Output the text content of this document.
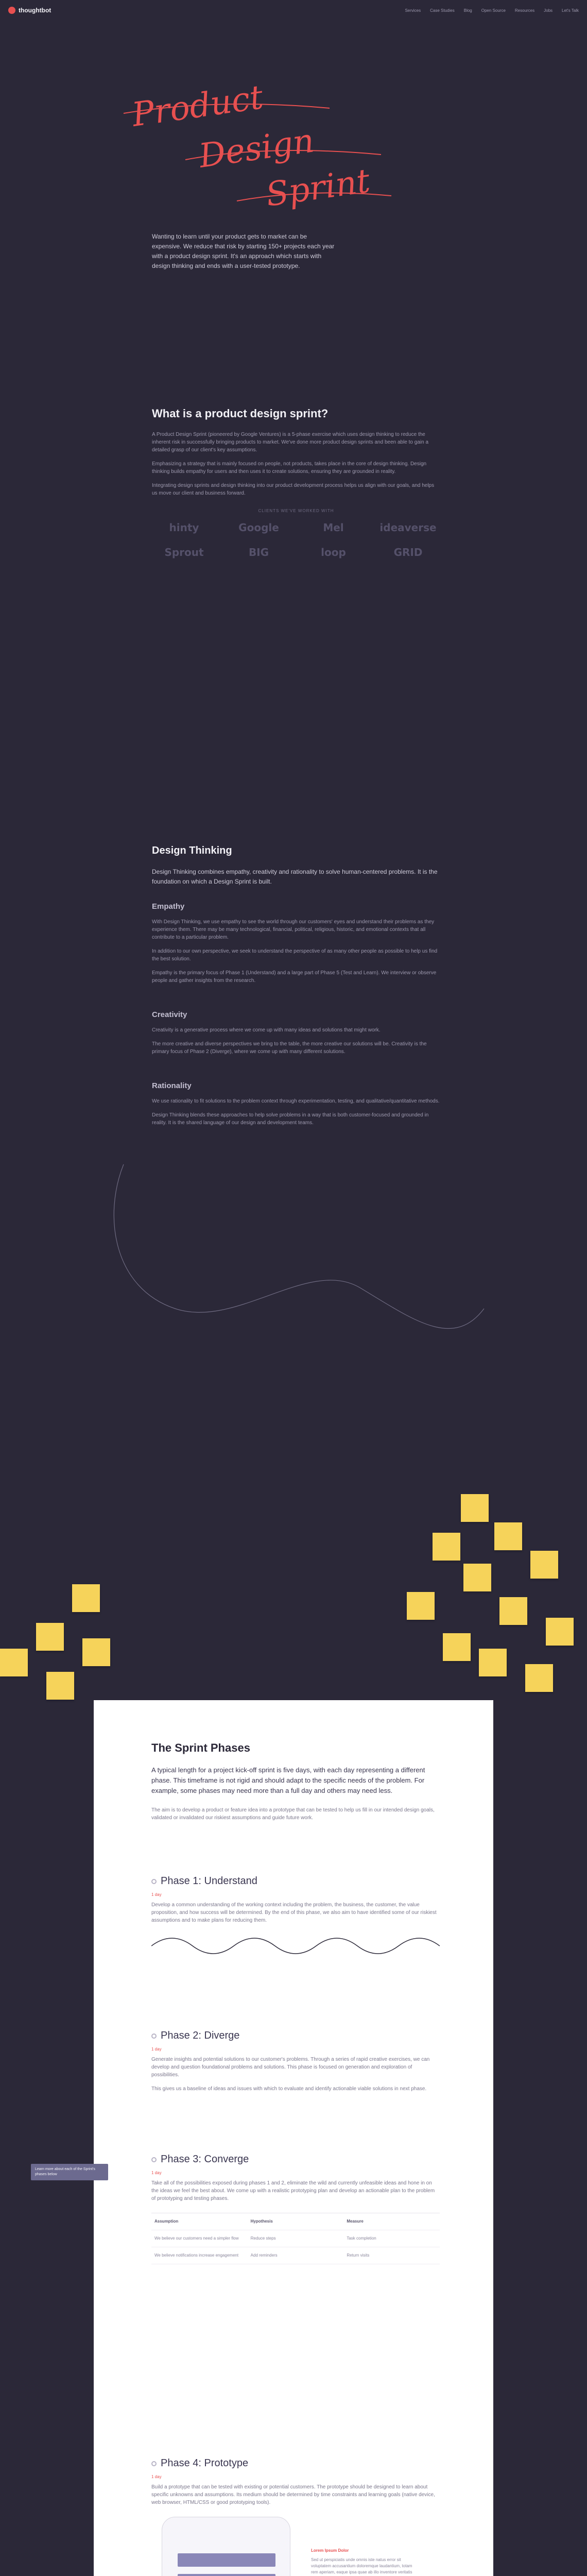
thoughtbot	Services Case Studies Blog Open Source Resources Jobs Let's Talk
Product
Design
Sprint

Wanting to learn until your product gets to market can be expensive. We reduce that risk by starting 150+ projects each year with a product design sprint. It's an approach which starts with design thinking and ends with a user-tested prototype.

What is a product design sprint?

A Product Design Sprint (pioneered by Google Ventures) is a 5-phase exercise which uses design thinking to reduce the inherent risk in successfully bringing products to market. We've done more product design sprints and been able to gain a detailed grasp of our client's key assumptions.

Emphasizing a strategy that is mainly focused on people, not products, takes place in the core of design thinking. Design thinking builds empathy for users and then uses it to create solutions, ensuring they are grounded in reality.

Integrating design sprints and design thinking into our product development process helps us align with our goals, and helps us move our client and business forward.

CLIENTS WE'VE WORKED WITH
hinty	Google	Mel	ideaverse
Sprout	BIG	loop	GRID
Design Thinking

Design Thinking combines empathy, creativity and rationality to solve human-centered problems. It is the foundation on which a Design Sprint is built.

Empathy

With Design Thinking, we use empathy to see the world through our customers' eyes and understand their problems as they experience them. There may be many technological, financial, political, religious, historic, and emotional contexts that all contribute to a particular problem.

In addition to our own perspective, we seek to understand the perspective of as many other people as possible to help us find the best solution.

Empathy is the primary focus of Phase 1 (Understand) and a large part of Phase 5 (Test and Learn). We interview or observe people and gather insights from the research.

Creativity

Creativity is a generative process where we come up with many ideas and solutions that might work.

The more creative and diverse perspectives we bring to the table, the more creative our solutions will be. Creativity is the primary focus of Phase 2 (Diverge), where we come up with many different solutions.

Rationality

We use rationality to fit solutions to the problem context through experimentation, testing, and qualitative/quantitative methods.

Design Thinking blends these approaches to help solve problems in a way that is both customer-focused and grounded in reality. It is the shared language of our design and development teams.

The Sprint Phases

A typical length for a project kick-off sprint is five days, with each day representing a different phase. This timeframe is not rigid and should adapt to the specific needs of the problem. For example, some phases may need more than a full day and others may need less.

The aim is to develop a product or feature idea into a prototype that can be tested to help us fill in our intended design goals, validated or invalidated our riskiest assumptions and guide future work.

Phase 1: Understand
1 day

Develop a common understanding of the working context including the problem, the business, the customer, the value proposition, and how success will be determined. By the end of this phase, we also aim to have identified some of our riskiest assumptions and to make plans for reducing them.

Phase 2: Diverge
1 day

Generate insights and potential solutions to our customer's problems. Through a series of rapid creative exercises, we can develop and question foundational problems and solutions. This phase is focused on generation and exploration of possibilities.

This gives us a baseline of ideas and issues with which to evaluate and identify actionable viable solutions in next phase.

Phase 3: Converge
1 day

Take all of the possibilities exposed during phases 1 and 2, eliminate the wild and currently unfeasible ideas and hone in on the ideas we feel the best about. We come up with a realistic prototyping plan and develop an actionable plan to the problem of prototyping and testing phases.

Assumption	Hypothesis	Measure
We believe our customers need a simpler flow	Reduce steps	Task completion
We believe notifications increase engagement	Add reminders	Return visits
Phase 4: Prototype
1 day

Build a prototype that can be tested with existing or potential customers. The prototype should be designed to learn about specific unknowns and assumptions. Its medium should be determined by time constraints and learning goals (native device, web browser, HTML/CSS or good prototyping tools).

Lorem Ipsum Dolor
Sed ut perspiciatis unde omnis iste natus error sit voluptatem accusantium doloremque laudantium, totam rem aperiam, eaque ipsa quae ab illo inventore veritatis

Learn more about each of the Sprint's phases below
